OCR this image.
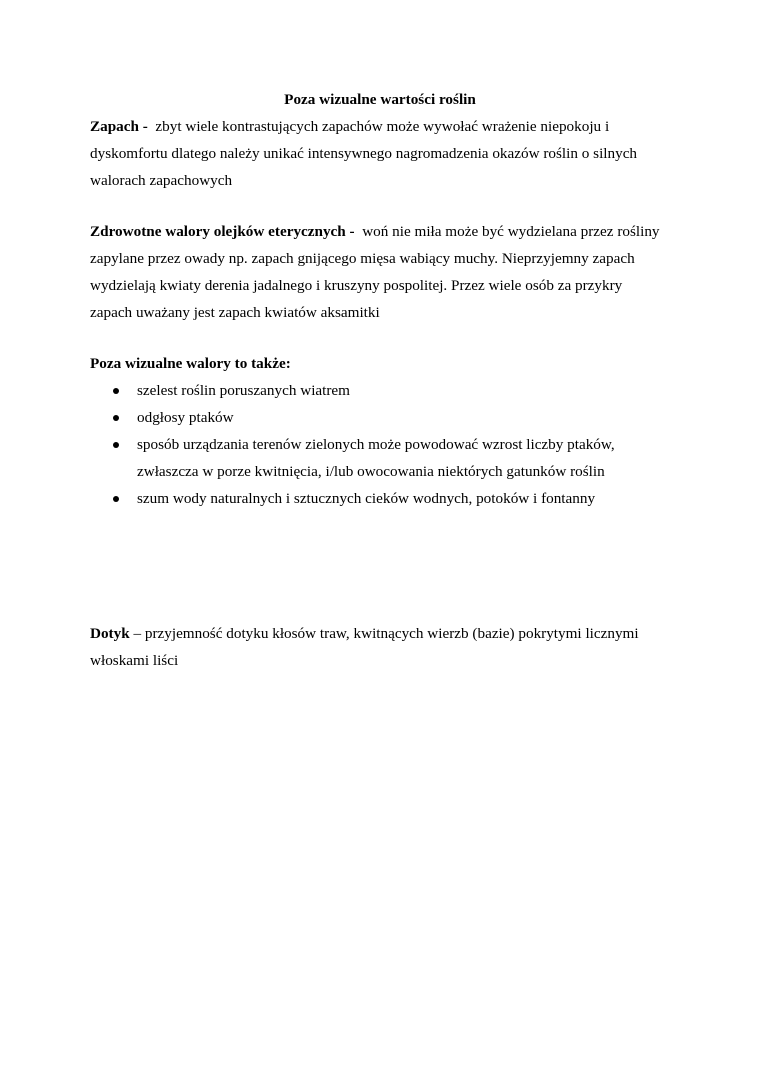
Poza wizualne wartości roślin

Zapach - zbyt wiele kontrastujących zapachów może wywołać wrażenie niepokoju i

dyskomfortu dlatego należy unikać intensywnego nagromadzenia okazów roślin o silnych

walorach zapachowych

Zdrowotne walory olejków eterycznych - woń nie miła może być wydzielana przez rośliny

zapylane przez owady np. zapach gnijącego mięsa wabiący muchy. Nieprzyjemny zapach

wydzielają kwiaty derenia jadalnego i kruszyny pospolitej. Przez wiele osób za przykry

zapach uważany jest zapach kwiatów aksamitki

Poza wizualne walory to także:

szelest roślin poruszanych wiatrem
odgłosy ptaków
sposób urządzania terenów zielonych może powodować wzrost liczby ptaków,
zwłaszcza w porze kwitnięcia, i/lub owocowania niektórych gatunków roślin
szum wody naturalnych i sztucznych cieków wodnych, potoków i fontanny

Dotyk – przyjemność dotyku kłosów traw, kwitnących wierzb (bazie) pokrytymi licznymi

włoskami liści
